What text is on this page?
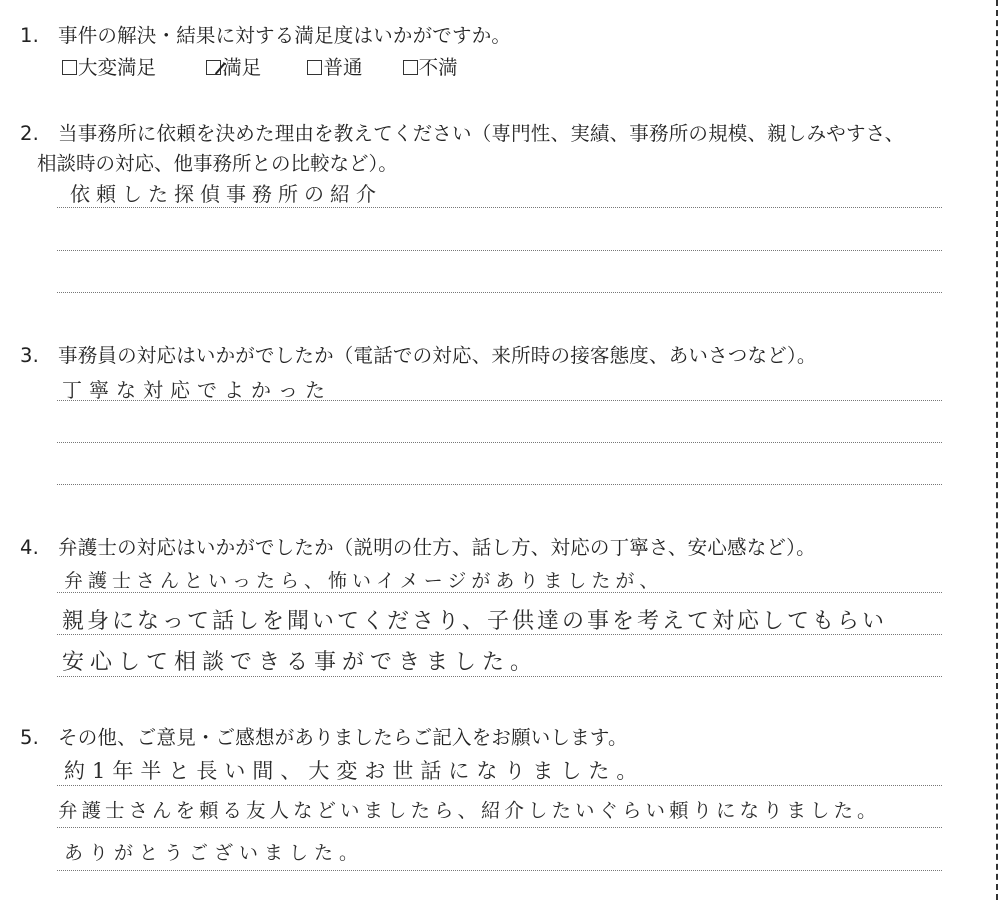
1. 事件の解決・結果に対する満足度はいかがですか。
大変満足	満足	普通	不満
2. 当事務所に依頼を決めた理由を教えてください（専門性、実績、事務所の規模、親しみやすさ、
相談時の対応、他事務所との比較など）。
依頼した探偵事務所の紹介
3. 事務員の対応はいかがでしたか（電話での対応、来所時の接客態度、あいさつなど）。
丁寧な対応でよかった
4. 弁護士の対応はいかがでしたか（説明の仕方、話し方、対応の丁寧さ、安心感など）。
弁護士さんといったら、怖いイメージがありましたが、
親身になって話しを聞いてくださり、子供達の事を考えて対応してもらい
安心して相談できる事ができました。
5. その他、ご意見・ご感想がありましたらご記入をお願いします。
約1年半と長い間、大変お世話になりました。
弁護士さんを頼る友人などいましたら、紹介したいぐらい頼りになりました。
ありがとうございました。
